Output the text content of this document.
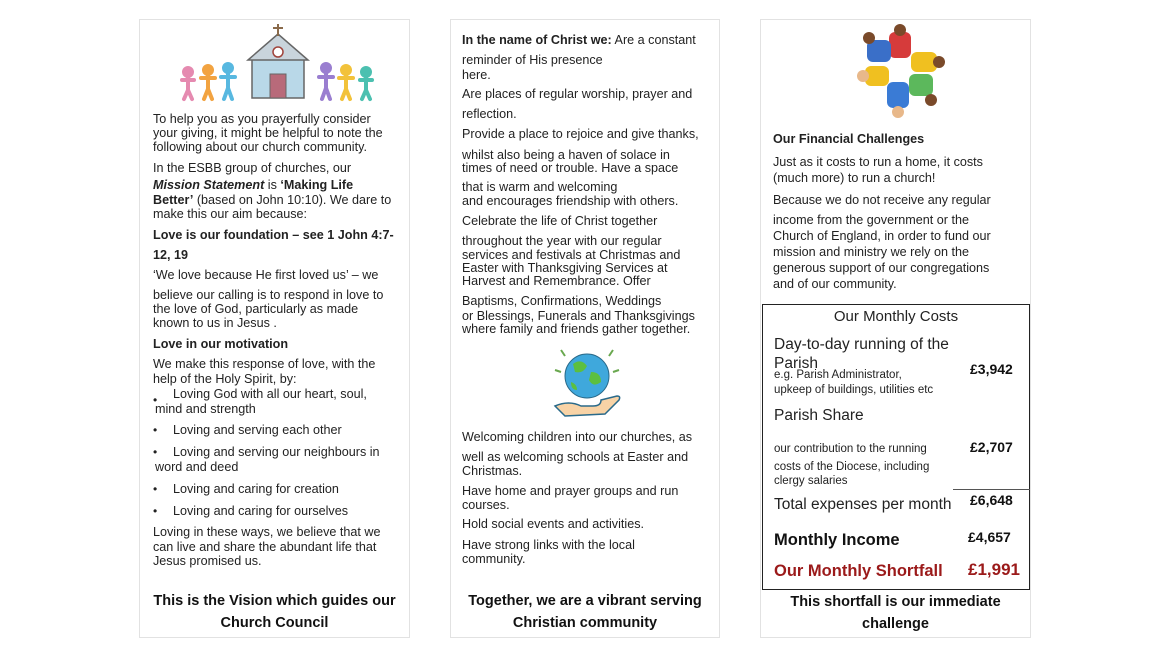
To help you as you prayerfully consider
your giving, it might be helpful to note the
following about our church community.
In the ESBB group of churches, our
Mission Statement is ‘Making Life
Better’ (based on John 10:10). We dare to
make this our aim because:
Love is our foundation – see 1 John 4:7-
12, 19
‘We love because He first loved us’ – we
believe our calling is to respond in love to
the love of God, particularly as made
known to us in Jesus .
Love in our motivation
We make this response of love, with the
help of the Holy Spirit, by:
• Loving God with all our heart, soul,
mind and strength
• Loving and serving each other
• Loving and serving our neighbours in
word and deed
• Loving and caring for creation
• Loving and caring for ourselves
Loving in these ways, we believe that we
can live and share the abundant life that
Jesus promised us.
This is the Vision which guides our
Church Council
In the name of Christ we: Are a constant
reminder of His presence
here.
Are places of regular worship, prayer and
reflection.
Provide a place to rejoice and give thanks,
whilst also being a haven of solace in
times of need or trouble. Have a space
that is warm and welcoming
and encourages friendship with others.
Celebrate the life of Christ together
throughout the year with our regular
services and festivals at Christmas and
Easter with Thanksgiving Services at
Harvest and Remembrance. Offer
Baptisms, Confirmations, Weddings
or Blessings, Funerals and Thanksgivings
where family and friends gather together.
Welcoming children into our churches, as
well as welcoming schools at Easter and
Christmas.
Have home and prayer groups and run
courses.
Hold social events and activities.
Have strong links with the local
community.
Together, we are a vibrant serving
Christian community
Our Financial Challenges
Just as it costs to run a home, it costs
(much more) to run a church!
Because we do not receive any regular
income from the government or the
Church of England, in order to fund our
mission and ministry we rely on the
generous support of our congregations
and of our community.
Our Monthly Costs
Day-to-day running of the
Parish
e.g. Parish Administrator,
upkeep of buildings, utilities etc
£3,942
Parish Share
our contribution to the running
costs of the Diocese, including
clergy salaries
£2,707
Total expenses per month £6,648
Monthly Income	£4,657
Our Monthly Shortfall £1,991
This shortfall is our immediate
challenge
